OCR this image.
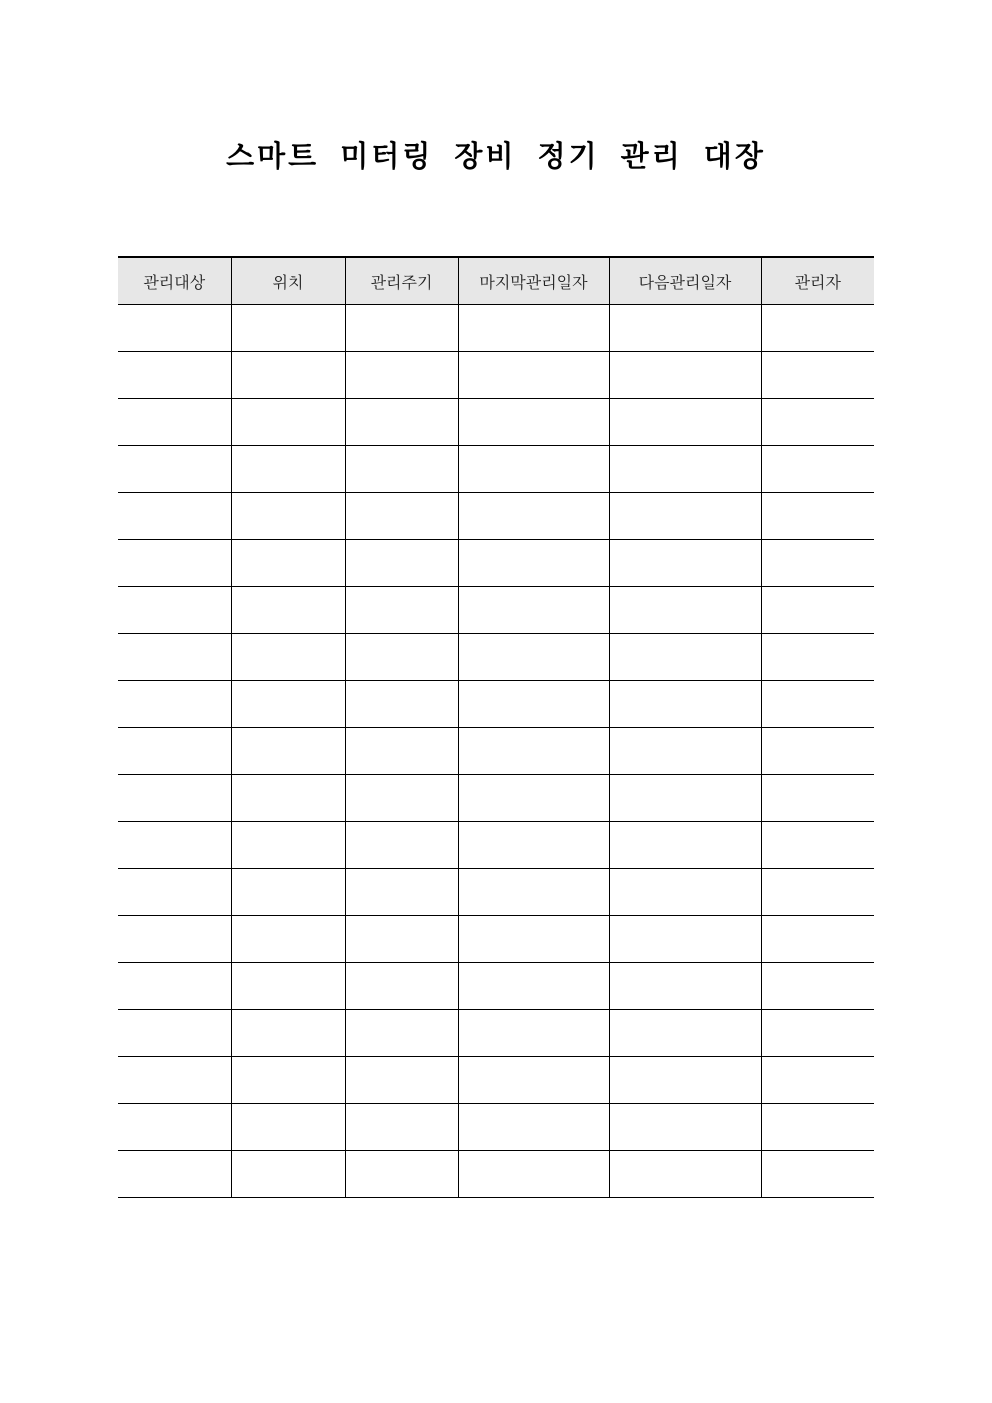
스마트 미터링 장비 정기 관리 대장
관리대상	위치	관리주기	마지막관리일자	다음관리일자	관리자
